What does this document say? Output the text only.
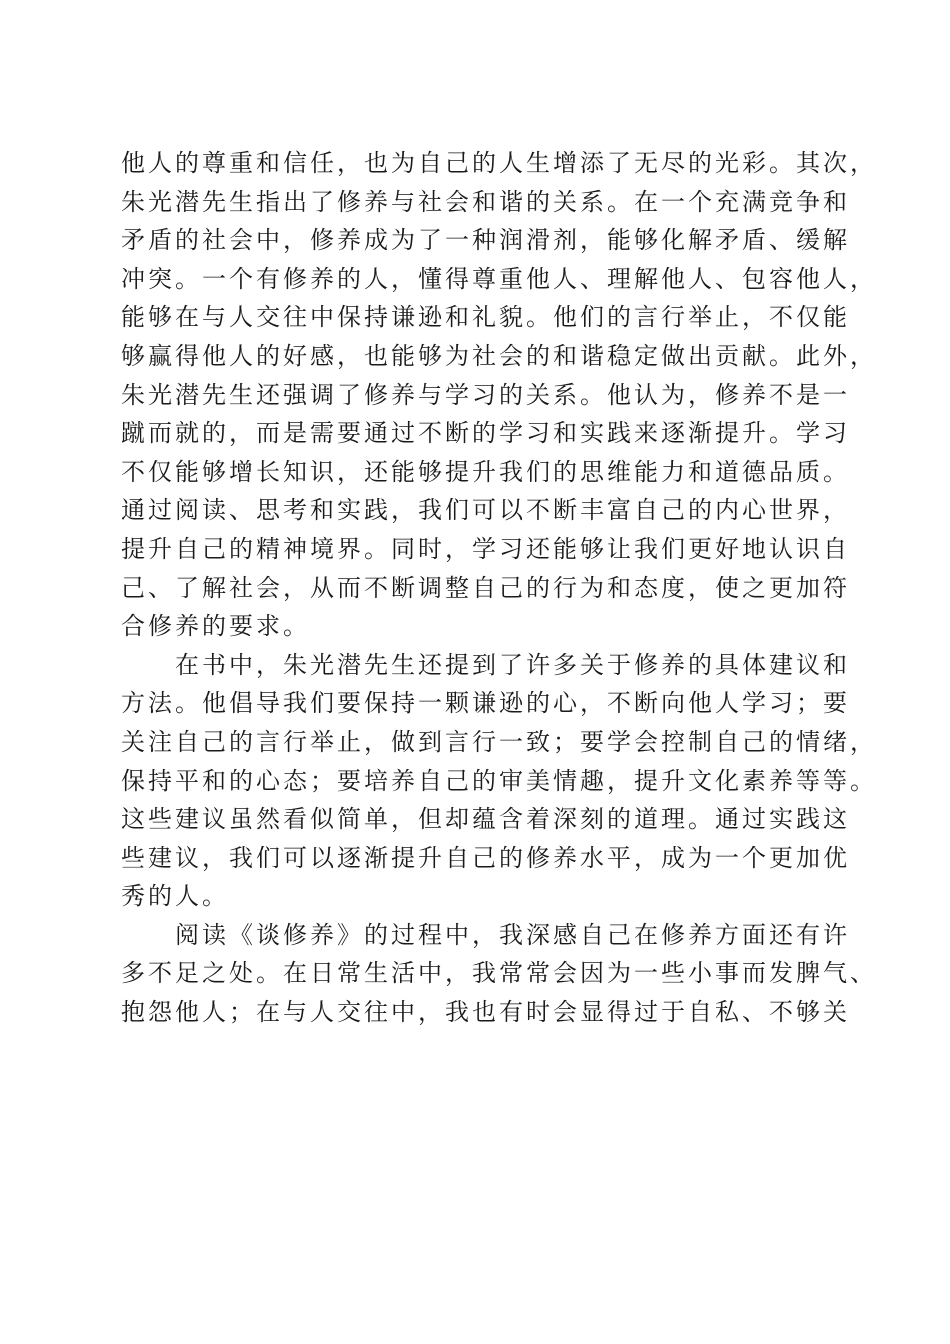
他人的尊重和信任，也为自己的人生增添了无尽的光彩。其次，
朱光潜先生指出了修养与社会和谐的关系。在一个充满竞争和
矛盾的社会中，修养成为了一种润滑剂，能够化解矛盾、缓解
冲突。一个有修养的人，懂得尊重他人、理解他人、包容他人，
能够在与人交往中保持谦逊和礼貌。他们的言行举止，不仅能
够赢得他人的好感，也能够为社会的和谐稳定做出贡献。此外，
朱光潜先生还强调了修养与学习的关系。他认为，修养不是一
蹴而就的，而是需要通过不断的学习和实践来逐渐提升。学习
不仅能够增长知识，还能够提升我们的思维能力和道德品质。
通过阅读、思考和实践，我们可以不断丰富自己的内心世界，
提升自己的精神境界。同时，学习还能够让我们更好地认识自
己、了解社会，从而不断调整自己的行为和态度，使之更加符
合修养的要求。
　　在书中，朱光潜先生还提到了许多关于修养的具体建议和
方法。他倡导我们要保持一颗谦逊的心，不断向他人学习；要
关注自己的言行举止，做到言行一致；要学会控制自己的情绪，
保持平和的心态；要培养自己的审美情趣，提升文化素养等等。
这些建议虽然看似简单，但却蕴含着深刻的道理。通过实践这
些建议，我们可以逐渐提升自己的修养水平，成为一个更加优
秀的人。
　　阅读《谈修养》的过程中，我深感自己在修养方面还有许
多不足之处。在日常生活中，我常常会因为一些小事而发脾气、
抱怨他人；在与人交往中，我也有时会显得过于自私、不够关
